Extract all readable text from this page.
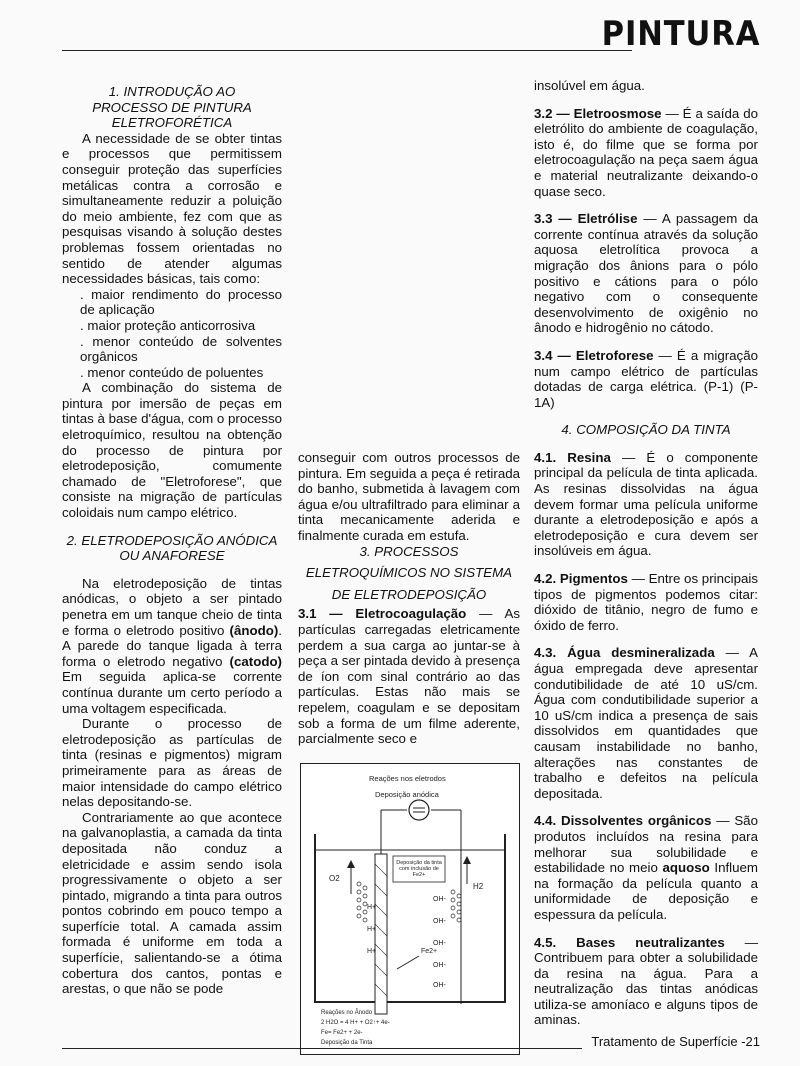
PINTURA

1. INTRODUÇÃO AO

PROCESSO DE PINTURA

ELETROFORÉTICA

A necessidade de se obter tintas e processos que permitissem conseguir proteção das superfícies metálicas contra a corrosão e simultaneamente reduzir a poluição do meio ambiente, fez com que as pesquisas visando à solução destes problemas fossem orientadas no sentido de atender algumas necessidades básicas, tais como:

. maior rendimento do processo de aplicação

. maior proteção anticorrosiva

. menor conteúdo de solventes orgânicos

. menor conteúdo de poluentes

A combinação do sistema de pintura por imersão de peças em tintas à base d'água, com o processo eletroquímico, resultou na obtenção do processo de pintura por eletrodeposição, comumente chamado de "Eletroforese", que consiste na migração de partículas coloidais num campo elétrico.

2. ELETRODEPOSIÇÃO ANÓDICA

OU ANAFORESE

Na eletrodeposição de tintas anódicas, o objeto a ser pintado penetra em um tanque cheio de tinta e forma o eletrodo positivo (ânodo). A parede do tanque ligada à terra forma o eletrodo negativo (catodo) Em seguida aplica-se corrente contínua durante um certo período a uma voltagem especificada.

Durante o processo de eletrodeposição as partículas de tinta (resinas e pigmentos) migram primeiramente para as áreas de maior intensidade do campo elétrico nelas depositando-se.

Contrariamente ao que acontece na galvanoplastia, a camada da tinta depositada não conduz a eletricidade e assim sendo isola progressivamente o objeto a ser pintado, migrando a tinta para outros pontos cobrindo em pouco tempo a superfície total. A camada assim formada é uniforme em toda a superfície, salientando-se a ótima cobertura dos cantos, pontas e arestas, o que não se pode

conseguir com outros processos de pintura. Em seguida a peça é retirada do banho, submetida à lavagem com água e/ou ultrafiltrado para eliminar a tinta mecanicamente aderida e finalmente curada em estufa.

3. PROCESSOS

ELETROQUÍMICOS NO SISTEMA

DE ELETRODEPOSIÇÃO

3.1 — Eletrocoagulação — As partículas carregadas eletricamente perdem a sua carga ao juntar-se à peça a ser pintada devido à presença de íon com sinal contrário ao das partículas. Estas não mais se repelem, coagulam e se depositam sob a forma de um filme aderente, parcialmente seco e

Reações nos eletrodos
Deposição anódica
Deposição da tinta com inclusão de Fe2+
O2
H2
Fe2+
H+
H+
H+
OH-
OH-
OH-
OH-
OH-
Reações no Ânodo
2 H2O = 4 H+ + O2↑+ 4e-
Fe= Fe2+ + 2e-
Deposição da Tinta

insolúvel em água.

3.2 — Eletroosmose — É a saída do eletrólito do ambiente de coagulação, isto é, do filme que se forma por eletrocoagulação na peça saem água e material neutralizante deixando-o quase seco.

3.3 — Eletrólise — A passagem da corrente contínua através da solução aquosa eletrolítica provoca a migração dos ânions para o pólo positivo e cátions para o pólo negativo com o consequente desenvolvimento de oxigênio no ânodo e hidrogênio no cátodo.

3.4 — Eletroforese — É a migração num campo elétrico de partículas dotadas de carga elétrica. (P-1) (P-1A)

4. COMPOSIÇÃO DA TINTA

4.1. Resina — É o componente principal da película de tinta aplicada. As resinas dissolvidas na água devem formar uma película uniforme durante a eletrodeposição e após a eletrodeposição e cura devem ser insolúveis em água.

4.2. Pigmentos — Entre os principais tipos de pigmentos podemos citar: dióxido de titânio, negro de fumo e óxido de ferro.

4.3. Água desmineralizada — A água empregada deve apresentar condutibilidade de até 10 uS/cm. Água com condutibilidade superior a 10 uS/cm indica a presença de sais dissolvidos em quantidades que causam instabilidade no banho, alterações nas constantes de trabalho e defeitos na película depositada.

4.4. Dissolventes orgânicos — São produtos incluídos na resina para melhorar sua solubilidade e estabilidade no meio aquoso Influem na formação da película quanto a uniformidade de deposição e espessura da película.

4.5. Bases neutralizantes — Contribuem para obter a solubilidade da resina na água. Para a neutralização das tintas anódicas utiliza-se amoníaco e alguns tipos de aminas.

Tratamento de Superfície -21
